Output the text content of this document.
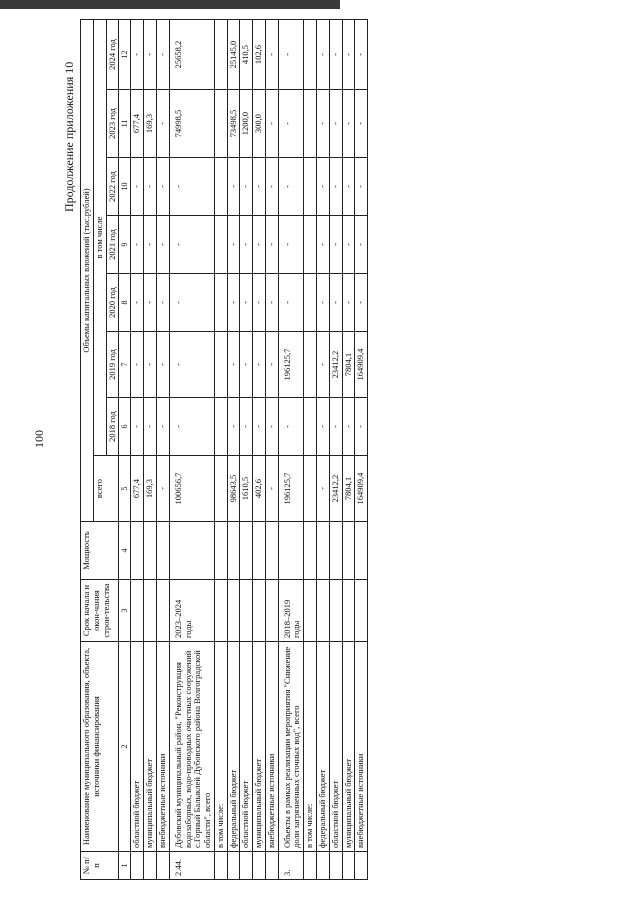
100
Продолжение приложения 10
№ п/п	Наименование муниципального образования, объекта, источники финансирования	Срок начала и окон-чания строи-тельства	Мощность	Объемы капитальных вложений (тыс.рублей)							
				всего	в том числе						
					2018 год	2019 год	2020 год	2021 год	2022 год	2023 год	2024 год
1	2	3	4	5	6	7	8	9	10	11	12
	областной бюджет			677,4	-	-	-	-	-	677,4	-
	муниципальный бюджет			169,3	-	-	-	-	-	169,3	-
	внебюджетные источники			-	-	-	-	-	-	-	-
2.44.	Дубовский муниципальный район, "Реконструкция водозаборных, водо-проводных очистных сооружений с.Горный Балыклей Дубовского района Волгоградской области", всего	2023–2024 годы		100656,7	-	-	-	-	-	74998,5	25658,2
	в том числе:										
	федеральный бюджет			98643,5	-	-	-	-	-	73498,5	25145,0
	областной бюджет			1610,5	-	-	-	-	-	1200,0	410,5
	муниципальный бюджет			402,6	-	-	-	-	-	300,0	102,6
	внебюджетные источники			-	-	-	-	-	-	-	-
3.	Объекты в рамках реализации мероприятия "Снижение доли загрязненных сточных вод", всего	2018–2019 годы		196125,7	-	196125,7	-	-	-	-	-
	в том числе:										
	федеральный бюджет			-	-	-	-	-	-	-	-
	областной бюджет			23412,2	-	23412,2	-	-	-	-	-
	муниципальный бюджет			7804,1	-	7804,1	-	-	-	-	-
	внебюджетные источники			164909,4	-	164909,4	-	-	-	-	-
